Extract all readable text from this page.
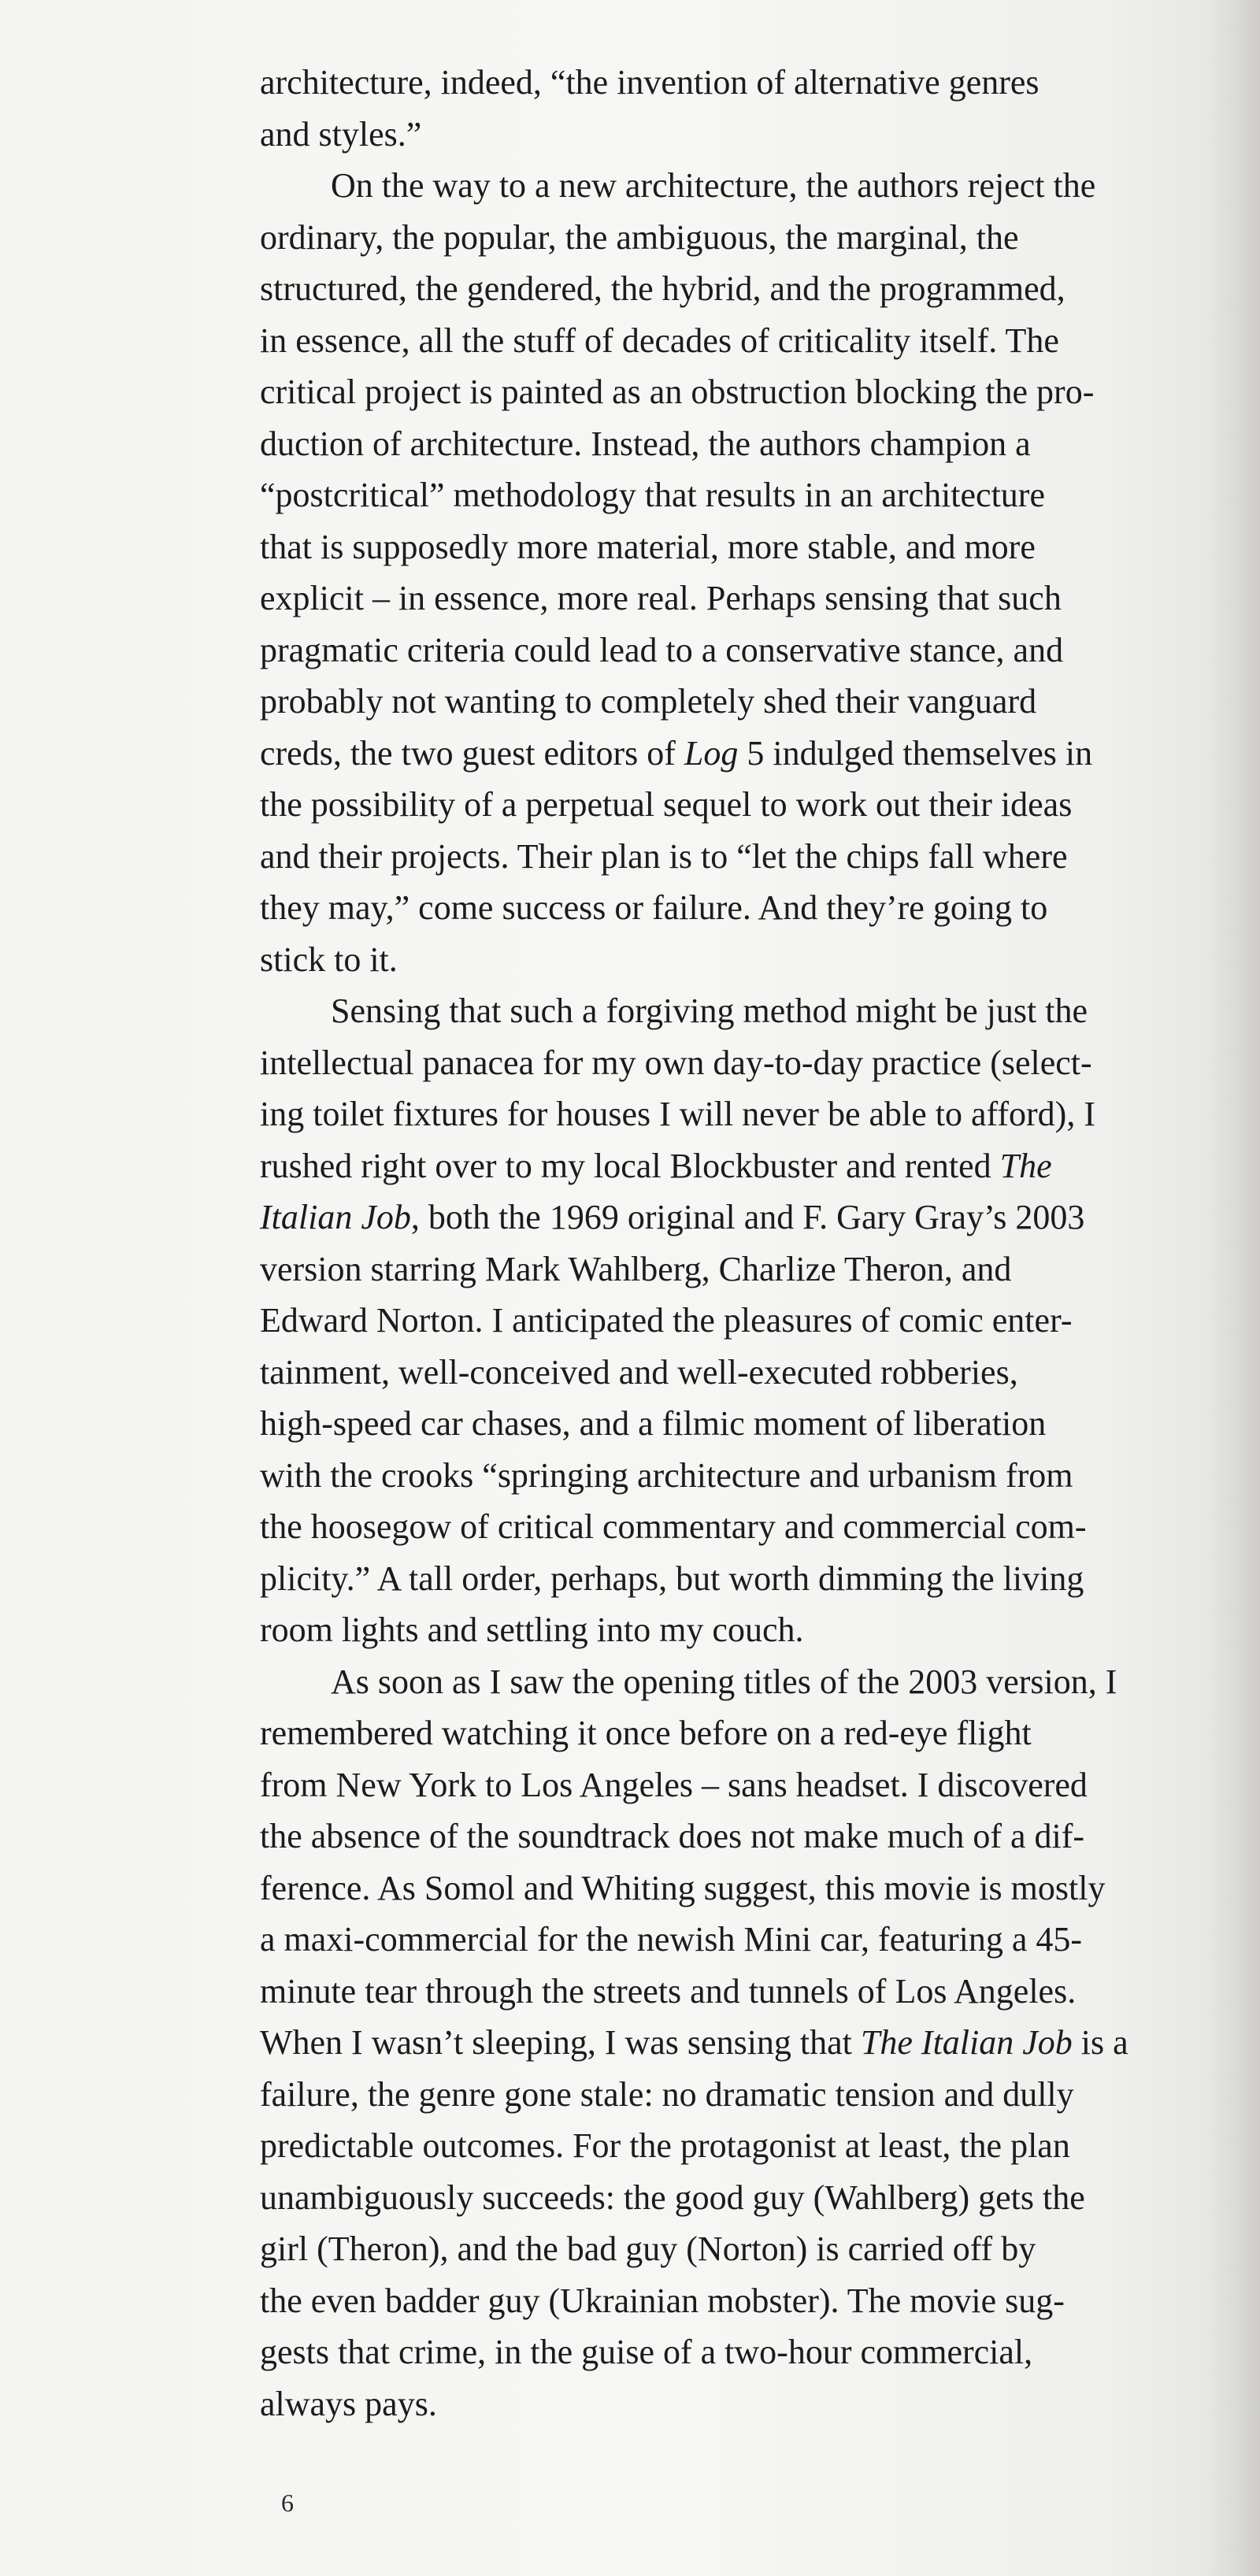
architecture, indeed, “the invention of alternative genres
and styles.”
On the way to a new architecture, the authors reject the
ordinary, the popular, the ambiguous, the marginal, the
structured, the gendered, the hybrid, and the programmed,
in essence, all the stuff of decades of criticality itself. The
critical project is painted as an obstruction blocking the pro-
duction of architecture. Instead, the authors champion a
“postcritical” methodology that results in an architecture
that is supposedly more material, more stable, and more
explicit – in essence, more real. Perhaps sensing that such
pragmatic criteria could lead to a conservative stance, and
probably not wanting to completely shed their vanguard
creds, the two guest editors of Log 5 indulged themselves in
the possibility of a perpetual sequel to work out their ideas
and their projects. Their plan is to “let the chips fall where
they may,” come success or failure. And they’re going to
stick to it.
Sensing that such a forgiving method might be just the
intellectual panacea for my own day-to-day practice (select-
ing toilet fixtures for houses I will never be able to afford), I
rushed right over to my local Blockbuster and rented The
Italian Job, both the 1969 original and F. Gary Gray’s 2003
version starring Mark Wahlberg, Charlize Theron, and
Edward Norton. I anticipated the pleasures of comic enter-
tainment, well-conceived and well-executed robberies,
high-speed car chases, and a filmic moment of liberation
with the crooks “springing architecture and urbanism from
the hoosegow of critical commentary and commercial com-
plicity.” A tall order, perhaps, but worth dimming the living
room lights and settling into my couch.
As soon as I saw the opening titles of the 2003 version, I
remembered watching it once before on a red-eye flight
from New York to Los Angeles – sans headset. I discovered
the absence of the soundtrack does not make much of a dif-
ference. As Somol and Whiting suggest, this movie is mostly
a maxi-commercial for the newish Mini car, featuring a 45-
minute tear through the streets and tunnels of Los Angeles.
When I wasn’t sleeping, I was sensing that The Italian Job is a
failure, the genre gone stale: no dramatic tension and dully
predictable outcomes. For the protagonist at least, the plan
unambiguously succeeds: the good guy (Wahlberg) gets the
girl (Theron), and the bad guy (Norton) is carried off by
the even badder guy (Ukrainian mobster). The movie sug-
gests that crime, in the guise of a two-hour commercial,
always pays.
6
